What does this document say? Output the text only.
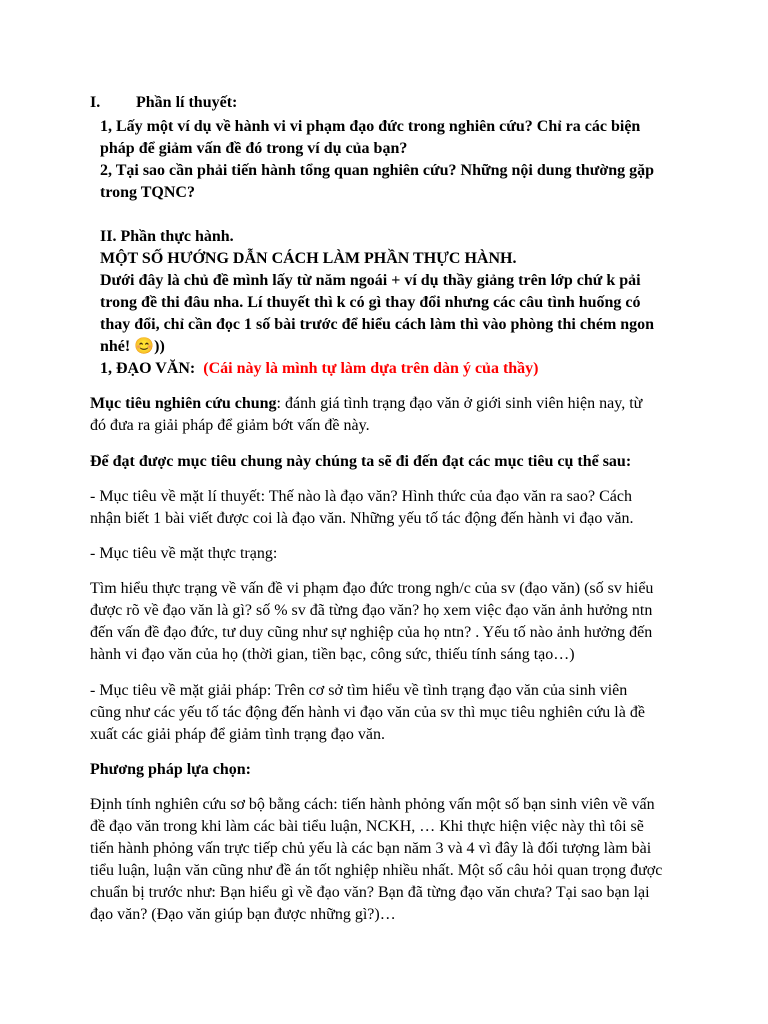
I. Phần lí thuyết:
1, Lấy một ví dụ về hành vi vi phạm đạo đức trong nghiên cứu? Chỉ ra các biện
pháp để giảm vấn đề đó trong ví dụ của bạn?
2, Tại sao cần phải tiến hành tổng quan nghiên cứu? Những nội dung thường gặp
trong TQNC?
II. Phần thực hành.
MỘT SỐ HƯỚNG DẪN CÁCH LÀM PHẦN THỰC HÀNH.
Dưới đây là chủ đề mình lấy từ năm ngoái + ví dụ thầy giảng trên lớp chứ k pải
trong đề thi đâu nha. Lí thuyết thì k có gì thay đổi nhưng các câu tình huống có
thay đổi, chỉ cần đọc 1 số bài trước để hiểu cách làm thì vào phòng thi chém ngon
nhé! 😊))
1, ĐẠO VĂN: (Cái này là mình tự làm dựa trên dàn ý của thầy)
Mục tiêu nghiên cứu chung: đánh giá tình trạng đạo văn ở giới sinh viên hiện nay, từ
đó đưa ra giải pháp để giảm bớt vấn đề này.
Để đạt được mục tiêu chung này chúng ta sẽ đi đến đạt các mục tiêu cụ thể sau:
- Mục tiêu về mặt lí thuyết: Thế nào là đạo văn? Hình thức của đạo văn ra sao? Cách
nhận biết 1 bài viết được coi là đạo văn. Những yếu tố tác động đến hành vi đạo văn.
- Mục tiêu về mặt thực trạng:
Tìm hiểu thực trạng về vấn đề vi phạm đạo đức trong ngh/c của sv (đạo văn) (số sv hiểu
được rõ về đạo văn là gì? số % sv đã từng đạo văn? họ xem việc đạo văn ảnh hưởng ntn
đến vấn đề đạo đức, tư duy cũng như sự nghiệp của họ ntn? . Yếu tố nào ảnh hưởng đến
hành vi đạo văn của họ (thời gian, tiền bạc, công sức, thiếu tính sáng tạo…)
- Mục tiêu về mặt giải pháp: Trên cơ sở tìm hiểu về tình trạng đạo văn của sinh viên
cũng như các yếu tố tác động đến hành vi đạo văn của sv thì mục tiêu nghiên cứu là đề
xuất các giải pháp để giảm tình trạng đạo văn.
Phương pháp lựa chọn:
Định tính nghiên cứu sơ bộ bằng cách: tiến hành phỏng vấn một số bạn sinh viên về vấn
đề đạo văn trong khi làm các bài tiểu luận, NCKH, … Khi thực hiện việc này thì tôi sẽ
tiến hành phỏng vấn trực tiếp chủ yếu là các bạn năm 3 và 4 vì đây là đối tượng làm bài
tiểu luận, luận văn cũng như đề án tốt nghiệp nhiều nhất. Một số câu hỏi quan trọng được
chuẩn bị trước như: Bạn hiểu gì về đạo văn? Bạn đã từng đạo văn chưa? Tại sao bạn lại
đạo văn? (Đạo văn giúp bạn được những gì?)…
